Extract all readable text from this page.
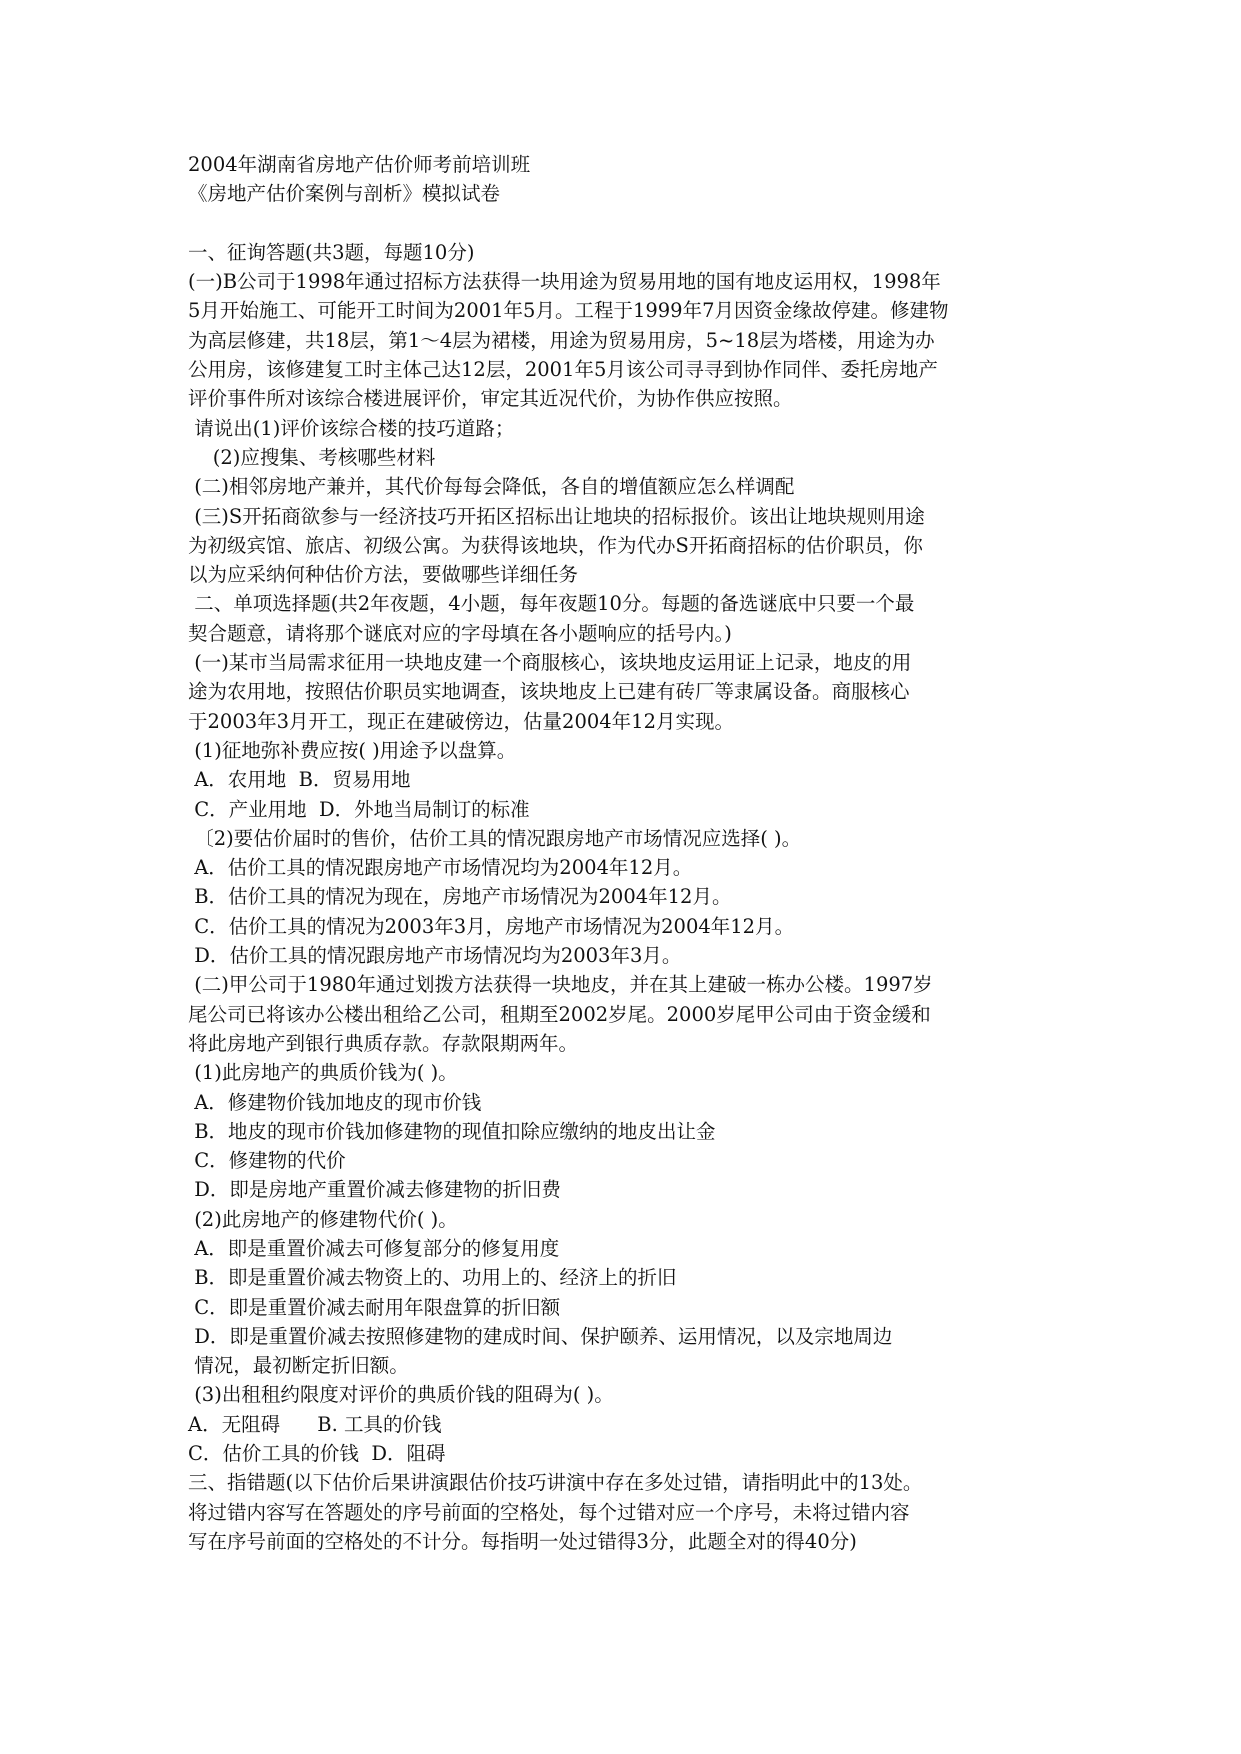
2004年湖南省房地产估价师考前培训班
《房地产估价案例与剖析》模拟试卷
一、征询答题(共3题，每题10分)
(一)B公司于1998年通过招标方法获得一块用途为贸易用地的国有地皮运用权，1998年
5月开始施工、可能开工时间为2001年5月。工程于1999年7月因资金缘故停建。修建物
为高层修建，共18层，第1～4层为裙楼，用途为贸易用房，5~18层为塔楼，用途为办
公用房，该修建复工时主体己达12层，2001年5月该公司寻寻到协作同伴、委托房地产
评价事件所对该综合楼进展评价，审定其近况代价，为协作供应按照。
请说出(1)评价该综合楼的技巧道路；
(2)应搜集、考核哪些材料
(二)相邻房地产兼并，其代价每每会降低，各自的增值额应怎么样调配
(三)S开拓商欲参与一经济技巧开拓区招标出让地块的招标报价。该出让地块规则用途
为初级宾馆、旅店、初级公寓。为获得该地块，作为代办S开拓商招标的估价职员，你
以为应采纳何种估价方法，要做哪些详细任务
二、单项选择题(共2年夜题，4小题，每年夜题10分。每题的备选谜底中只要一个最
契合题意，请将那个谜底对应的字母填在各小题响应的括号内。)
(一)某市当局需求征用一块地皮建一个商服核心，该块地皮运用证上记录，地皮的用
途为农用地，按照估价职员实地调查，该块地皮上已建有砖厂等隶属设备。商服核心
于2003年3月开工，现正在建破傍边，估量2004年12月实现。
(1)征地弥补费应按( )用途予以盘算。
A．农用地  B．贸易用地
C．产业用地  D．外地当局制订的标准
〔2)要估价届时的售价，估价工具的情况跟房地产市场情况应选择( )。
A．估价工具的情况跟房地产市场情况均为2004年12月。
B．估价工具的情况为现在，房地产市场情况为2004年12月。
C．估价工具的情况为2003年3月，房地产市场情况为2004年12月。
D．估价工具的情况跟房地产市场情况均为2003年3月。
(二)甲公司于1980年通过划拨方法获得一块地皮，并在其上建破一栋办公楼。1997岁
尾公司已将该办公楼出租给乙公司，租期至2002岁尾。2000岁尾甲公司由于资金缓和
将此房地产到银行典质存款。存款限期两年。
(1)此房地产的典质价钱为( )。
A．修建物价钱加地皮的现市价钱
B．地皮的现市价钱加修建物的现值扣除应缴纳的地皮出让金
C．修建物的代价
D．即是房地产重置价减去修建物的折旧费
(2)此房地产的修建物代价( )。
A．即是重置价减去可修复部分的修复用度
B．即是重置价减去物资上的、功用上的、经济上的折旧
C．即是重置价减去耐用年限盘算的折旧额
D．即是重置价减去按照修建物的建成时间、保护颐养、运用情况，以及宗地周边
情况，最初断定折旧额。
(3)出租租约限度对评价的典质价钱的阻碍为( )。
A．无阻碍      B. 工具的价钱
C．估价工具的价钱  D．阻碍
三、指错题(以下估价后果讲演跟估价技巧讲演中存在多处过错，请指明此中的13处。
将过错内容写在答题处的序号前面的空格处，每个过错对应一个序号，未将过错内容
写在序号前面的空格处的不计分。每指明一处过错得3分，此题全对的得40分)
